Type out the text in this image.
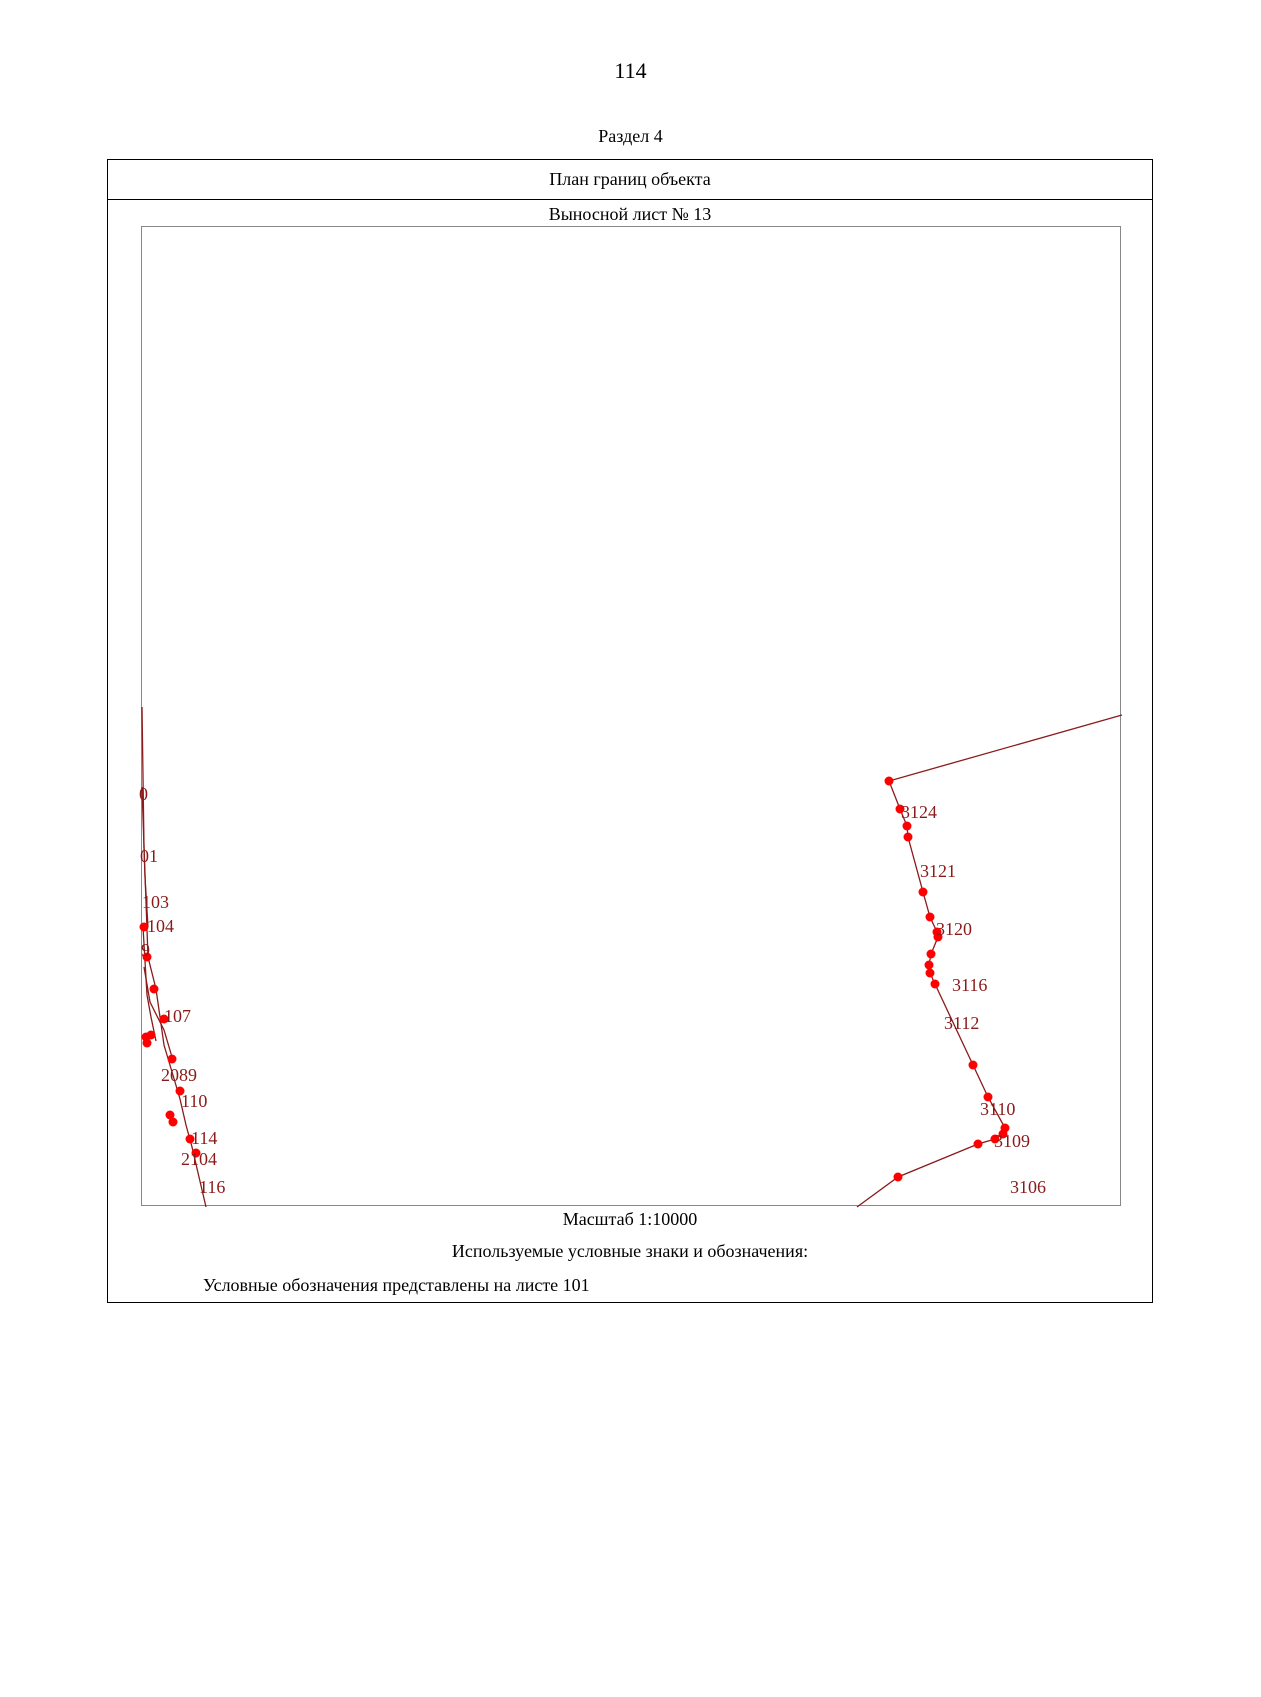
114
Раздел 4
План границ объекта
Выносной лист № 13
0
01
103
104
9
107
2089
110
114
2104
116
3124
3121
3120
3116
3112
3110
3109
3106
Масштаб 1:10000
Используемые условные знаки и обозначения:
Условные обозначения представлены на листе 101
